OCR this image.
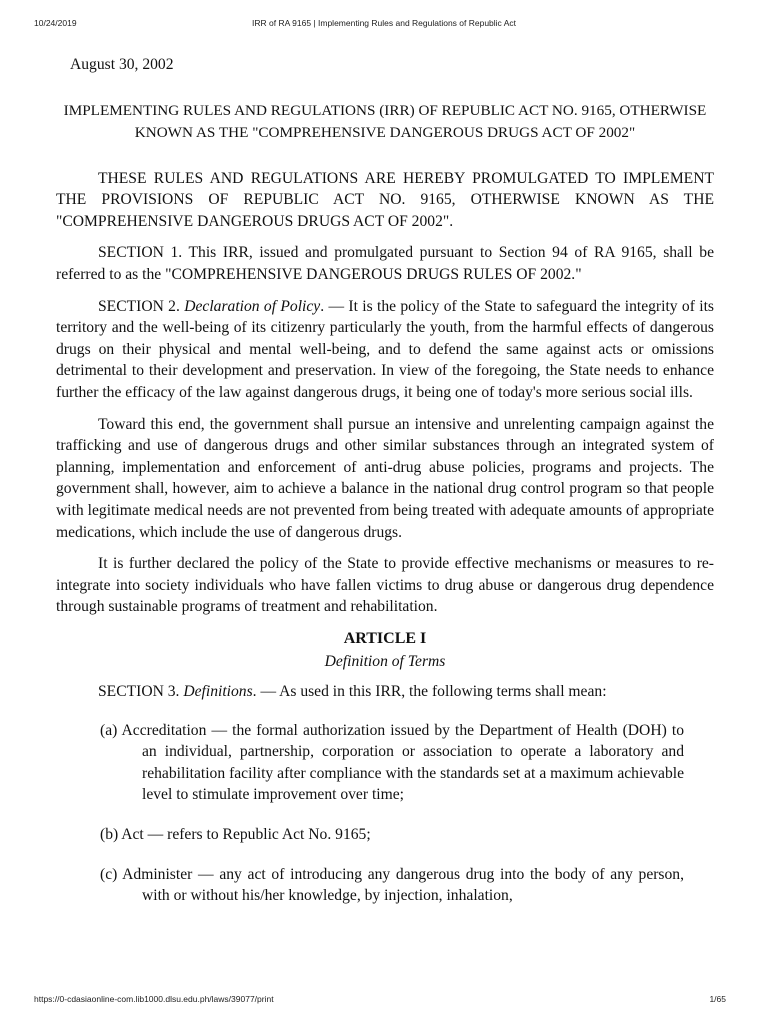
10/24/2019	IRR of RA 9165 | Implementing Rules and Regulations of Republic Act

August 30, 2002

IMPLEMENTING RULES AND REGULATIONS (IRR) OF REPUBLIC ACT NO. 9165, OTHERWISE KNOWN AS THE "COMPREHENSIVE DANGEROUS DRUGS ACT OF 2002"

THESE RULES AND REGULATIONS ARE HEREBY PROMULGATED TO IMPLEMENT THE PROVISIONS OF REPUBLIC ACT NO. 9165, OTHERWISE KNOWN AS THE "COMPREHENSIVE DANGEROUS DRUGS ACT OF 2002".

SECTION 1. This IRR, issued and promulgated pursuant to Section 94 of RA 9165, shall be referred to as the "COMPREHENSIVE DANGEROUS DRUGS RULES OF 2002."

SECTION 2. Declaration of Policy. — It is the policy of the State to safeguard the integrity of its territory and the well-being of its citizenry particularly the youth, from the harmful effects of dangerous drugs on their physical and mental well-being, and to defend the same against acts or omissions detrimental to their development and preservation. In view of the foregoing, the State needs to enhance further the efficacy of the law against dangerous drugs, it being one of today's more serious social ills.

Toward this end, the government shall pursue an intensive and unrelenting campaign against the trafficking and use of dangerous drugs and other similar substances through an integrated system of planning, implementation and enforcement of anti-drug abuse policies, programs and projects. The government shall, however, aim to achieve a balance in the national drug control program so that people with legitimate medical needs are not prevented from being treated with adequate amounts of appropriate medications, which include the use of dangerous drugs.

It is further declared the policy of the State to provide effective mechanisms or measures to re-integrate into society individuals who have fallen victims to drug abuse or dangerous drug dependence through sustainable programs of treatment and rehabilitation.

ARTICLE I

Definition of Terms

SECTION 3. Definitions. — As used in this IRR, the following terms shall mean:

(a) Accreditation — the formal authorization issued by the Department of Health (DOH) to an individual, partnership, corporation or association to operate a laboratory and rehabilitation facility after compliance with the standards set at a maximum achievable level to stimulate improvement over time;

(b) Act — refers to Republic Act No. 9165;

(c) Administer — any act of introducing any dangerous drug into the body of any person, with or without his/her knowledge, by injection, inhalation,

https://0-cdasiaonline-com.lib1000.dlsu.edu.ph/laws/39077/print	1/65
